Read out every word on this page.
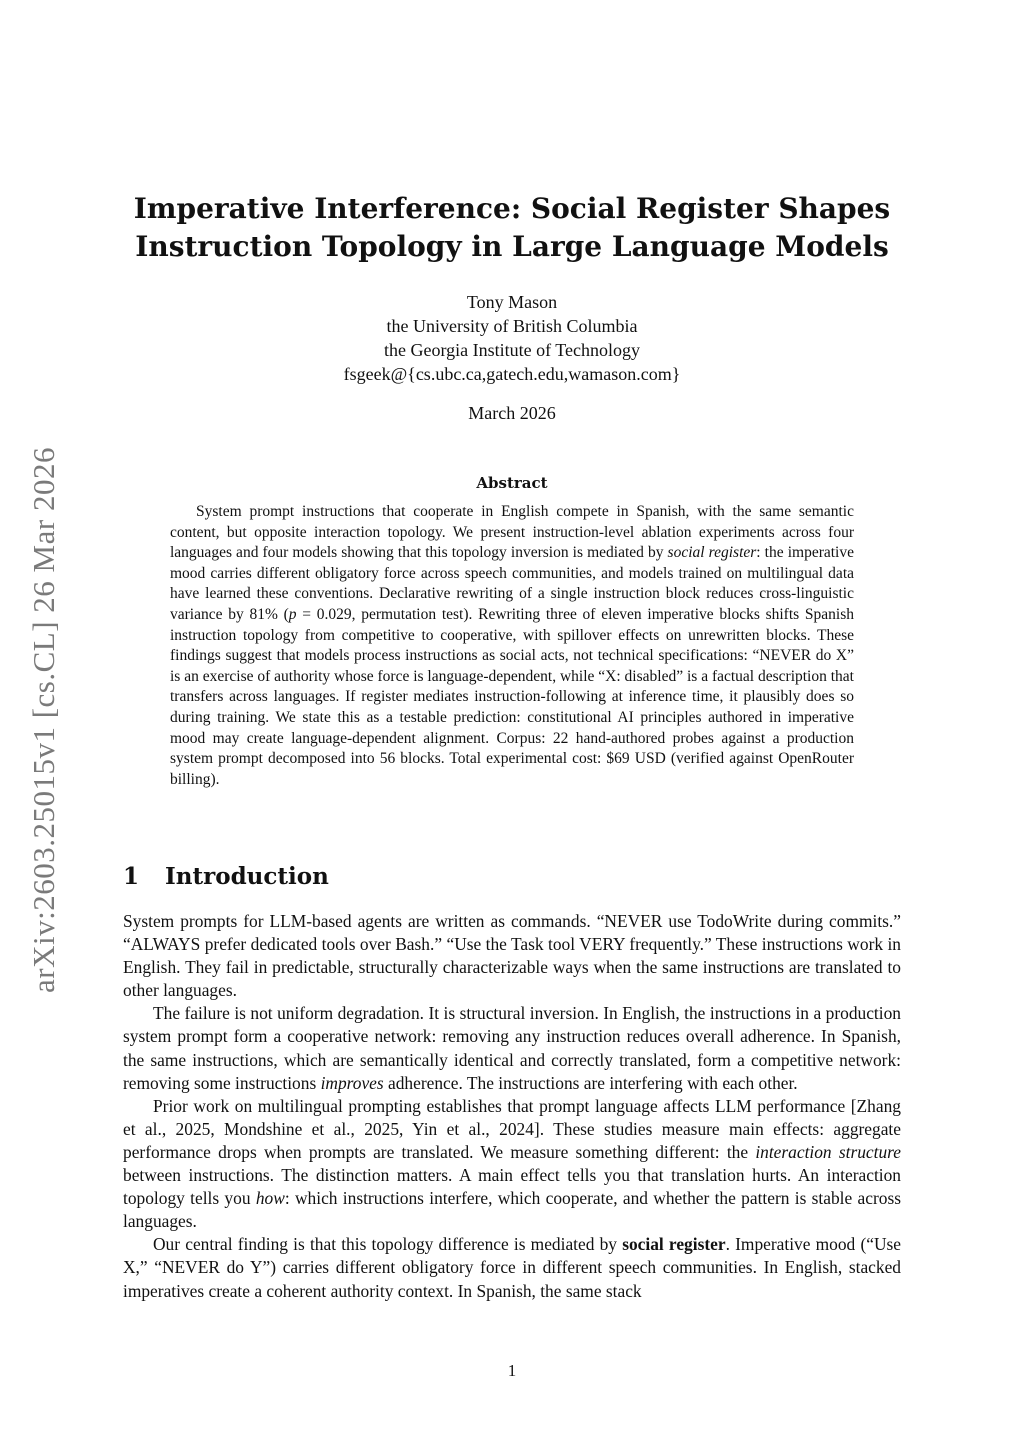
arXiv:2603.25015v1 [cs.CL] 26 Mar 2026
Imperative Interference: Social Register Shapes
Instruction Topology in Large Language Models
Tony Mason
the University of British Columbia
the Georgia Institute of Technology
fsgeek@{cs.ubc.ca,gatech.edu,wamason.com}
March 2026
Abstract
System prompt instructions that cooperate in English compete in Spanish, with the same semantic content, but opposite interaction topology. We present instruction-level ablation experiments across four languages and four models showing that this topology inversion is mediated by social register: the imperative mood carries different obligatory force across speech communities, and models trained on multilingual data have learned these conventions. Declarative rewriting of a single instruction block reduces cross-linguistic variance by 81% (p = 0.029, permutation test). Rewriting three of eleven imperative blocks shifts Spanish instruction topology from competitive to cooperative, with spillover effects on unrewritten blocks. These findings suggest that models process instructions as social acts, not technical specifications: “NEVER do X” is an exercise of authority whose force is language-dependent, while “X: disabled” is a factual description that transfers across languages. If register mediates instruction-following at inference time, it plausibly does so during training. We state this as a testable prediction: constitutional AI principles authored in imperative mood may create language-dependent alignment. Corpus: 22 hand-authored probes against a production system prompt decomposed into 56 blocks. Total experimental cost: $69 USD (verified against OpenRouter billing).
1 Introduction

System prompts for LLM-based agents are written as commands. “NEVER use TodoWrite during commits.” “ALWAYS prefer dedicated tools over Bash.” “Use the Task tool VERY frequently.” These instructions work in English. They fail in predictable, structurally characterizable ways when the same instructions are translated to other languages.

The failure is not uniform degradation. It is structural inversion. In English, the instructions in a production system prompt form a cooperative network: removing any instruction reduces overall adherence. In Spanish, the same instructions, which are semantically identical and correctly translated, form a competitive network: removing some instructions improves adherence. The instructions are interfering with each other.

Prior work on multilingual prompting establishes that prompt language affects LLM performance [Zhang et al., 2025, Mondshine et al., 2025, Yin et al., 2024]. These studies measure main effects: aggregate performance drops when prompts are translated. We measure something different: the interaction structure between instructions. The distinction matters. A main effect tells you that translation hurts. An interaction topology tells you how: which instructions interfere, which cooperate, and whether the pattern is stable across languages.

Our central finding is that this topology difference is mediated by social register. Imperative mood (“Use X,” “NEVER do Y”) carries different obligatory force in different speech communities. In English, stacked imperatives create a coherent authority context. In Spanish, the same stack

1
